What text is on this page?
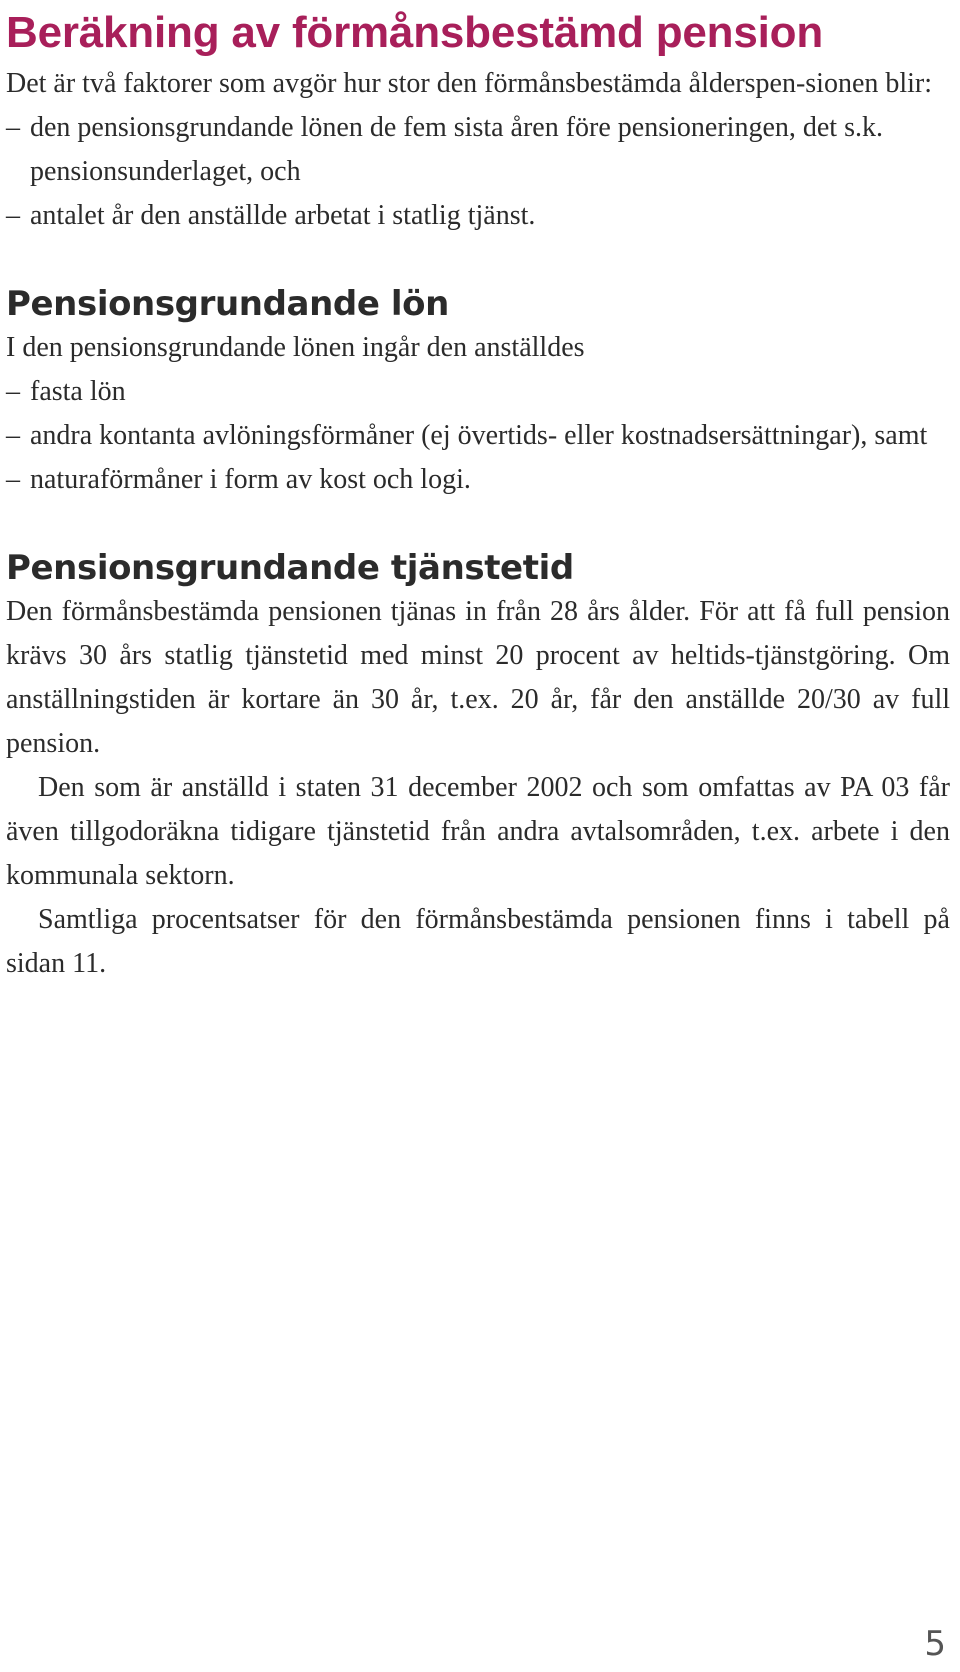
Beräkning av förmånsbestämd pension

Det är två faktorer som avgör hur stor den förmånsbestämda ålderspen-sionen blir:

– den pensionsgrundande lönen de fem sista åren före pensioneringen, det s.k. pensionsunderlaget, och
– antalet år den anställde arbetat i statlig tjänst.
Pensionsgrundande lön

I den pensionsgrundande lönen ingår den anställdes

– fasta lön
– andra kontanta avlöningsförmåner (ej övertids- eller kostnadsersättningar), samt
– naturaförmåner i form av kost och logi.
Pensionsgrundande tjänstetid

Den förmånsbestämda pensionen tjänas in från 28 års ålder. För att få full pension krävs 30 års statlig tjänstetid med minst 20 procent av heltids-tjänstgöring. Om anställningstiden är kortare än 30 år, t.ex. 20 år, får den anställde 20/30 av full pension.

Den som är anställd i staten 31 december 2002 och som omfattas av PA 03 får även tillgodoräkna tidigare tjänstetid från andra avtalsområden, t.ex. arbete i den kommunala sektorn.

Samtliga procentsatser för den förmånsbestämda pensionen finns i tabell på sidan 11.

5
